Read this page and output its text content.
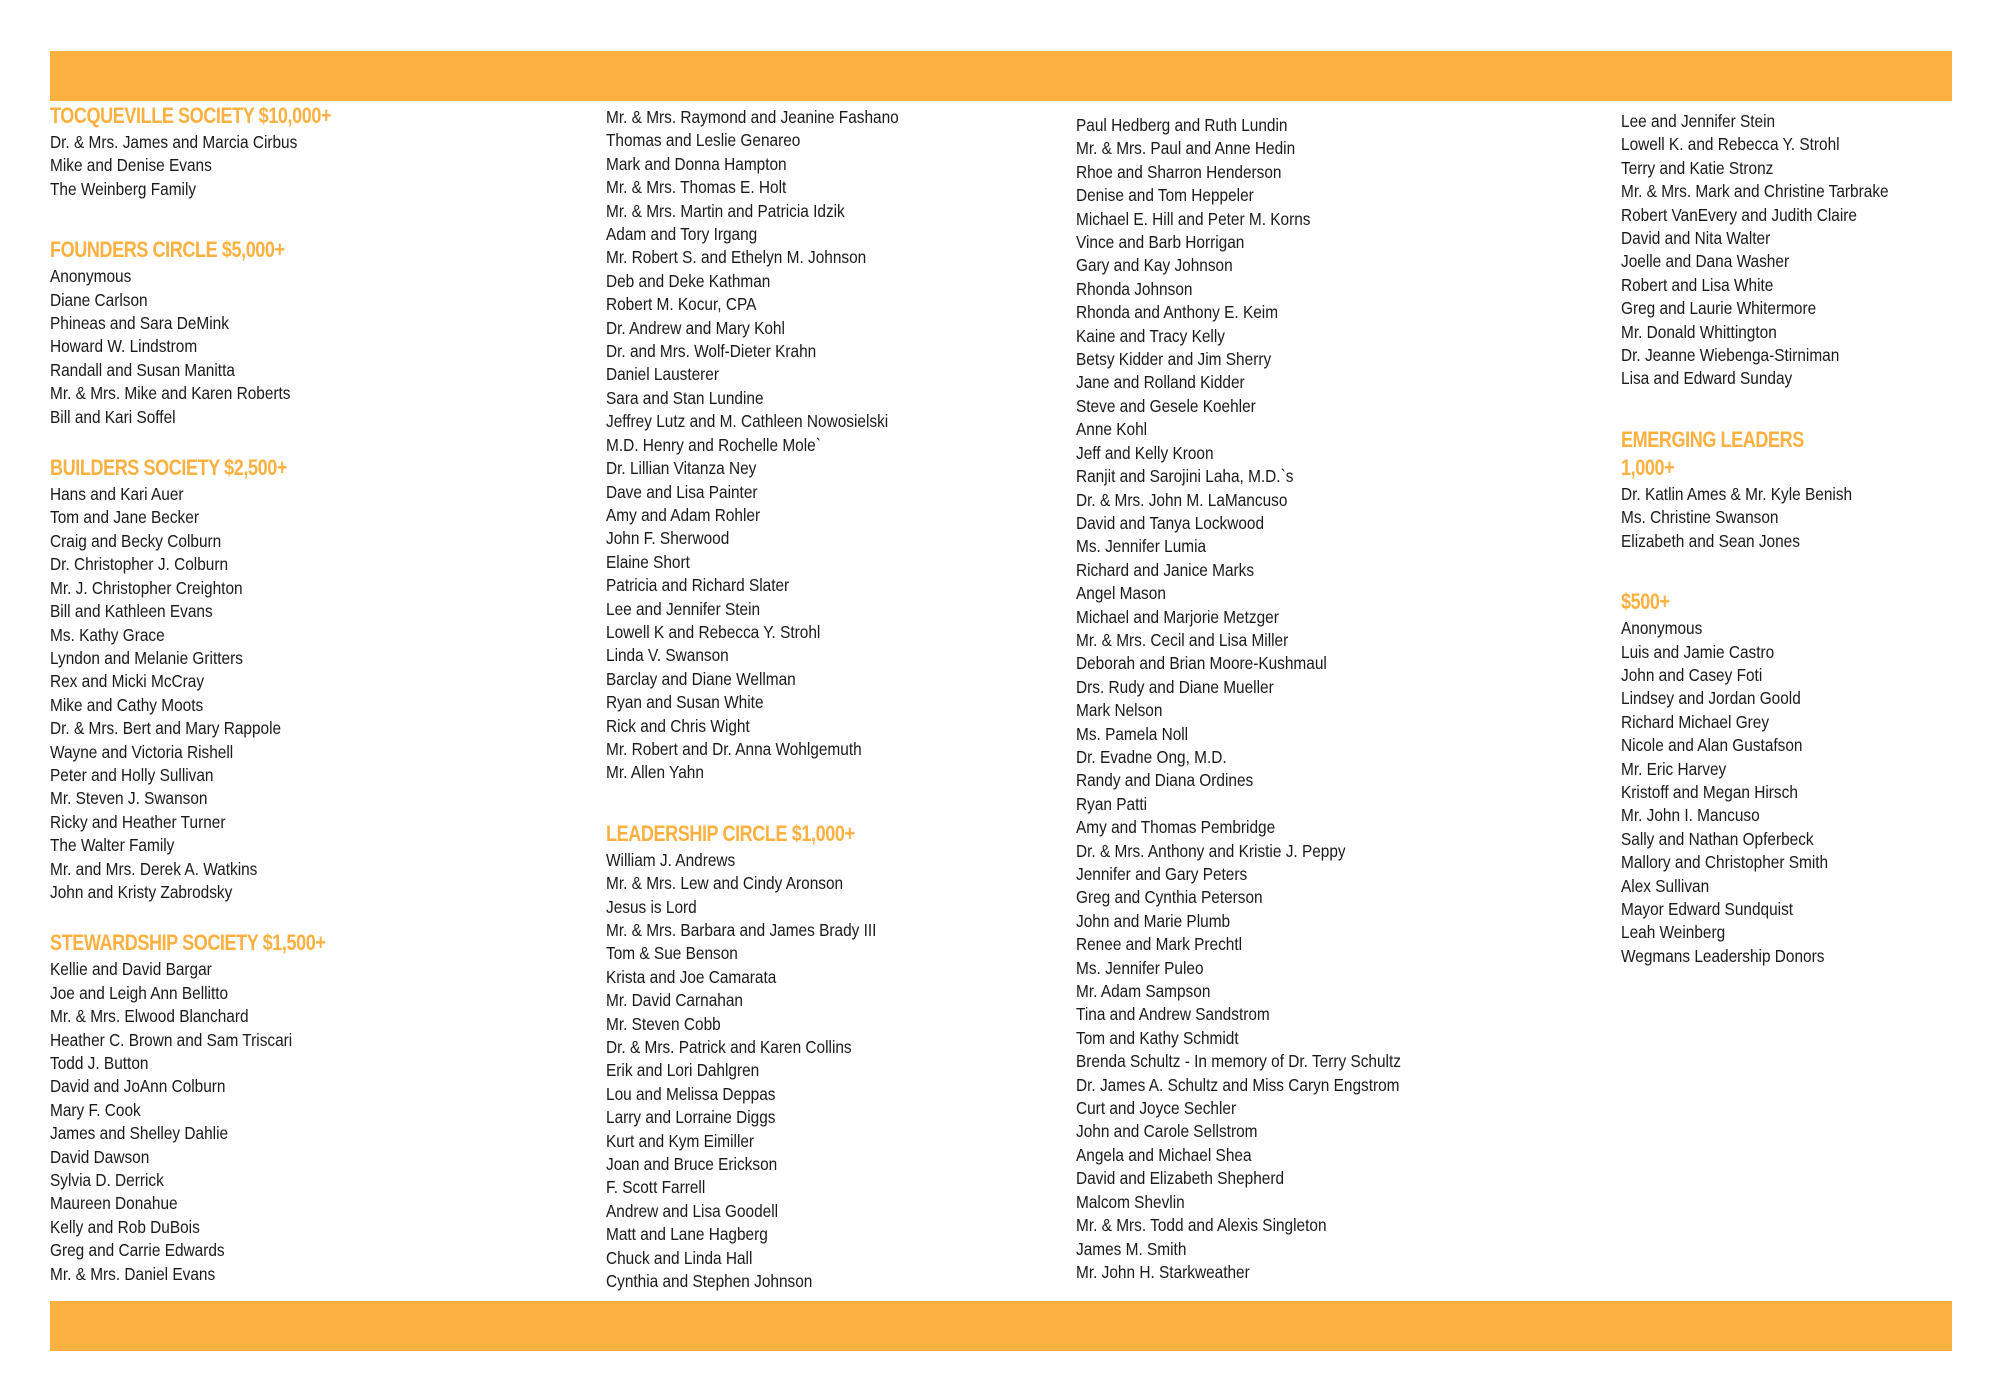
TOCQUEVILLE SOCIETY $10,000+
Dr. & Mrs. James and Marcia Cirbus
Mike and Denise Evans
The Weinberg Family
FOUNDERS CIRCLE $5,000+
Anonymous
Diane Carlson
Phineas and Sara DeMink
Howard W. Lindstrom
Randall and Susan Manitta
Mr. & Mrs. Mike and Karen Roberts
Bill and Kari Soffel
BUILDERS SOCIETY $2,500+
Hans and Kari Auer
Tom and Jane Becker
Craig and Becky Colburn
Dr. Christopher J. Colburn
Mr. J. Christopher Creighton
Bill and Kathleen Evans
Ms. Kathy Grace
Lyndon and Melanie Gritters
Rex and Micki McCray
Mike and Cathy Moots
Dr. & Mrs. Bert and Mary Rappole
Wayne and Victoria Rishell
Peter and Holly Sullivan
Mr. Steven J. Swanson
Ricky and Heather Turner
The Walter Family
Mr. and Mrs. Derek A. Watkins
John and Kristy Zabrodsky
STEWARDSHIP SOCIETY $1,500+
Kellie and David Bargar
Joe and Leigh Ann Bellitto
Mr. & Mrs. Elwood Blanchard
Heather C. Brown and Sam Triscari
Todd J. Button
David and JoAnn Colburn
Mary F. Cook
James and Shelley Dahlie
David Dawson
Sylvia D. Derrick
Maureen Donahue
Kelly and Rob DuBois
Greg and Carrie Edwards
Mr. & Mrs. Daniel Evans
Mr. & Mrs. Raymond and Jeanine Fashano
Thomas and Leslie Genareo
Mark and Donna Hampton
Mr. & Mrs. Thomas E. Holt
Mr. & Mrs. Martin and Patricia Idzik
Adam and Tory Irgang
Mr. Robert S. and Ethelyn M. Johnson
Deb and Deke Kathman
Robert M. Kocur, CPA
Dr. Andrew and Mary Kohl
Dr. and Mrs. Wolf-Dieter Krahn
Daniel Lausterer
Sara and Stan Lundine
Jeffrey Lutz and M. Cathleen Nowosielski
M.D. Henry and Rochelle Mole`
Dr. Lillian Vitanza Ney
Dave and Lisa Painter
Amy and Adam Rohler
John F. Sherwood
Elaine Short
Patricia and Richard Slater
Lee and Jennifer Stein
Lowell K and Rebecca Y. Strohl
Linda V. Swanson
Barclay and Diane Wellman
Ryan and Susan White
Rick and Chris Wight
Mr. Robert and Dr. Anna Wohlgemuth
Mr. Allen Yahn
LEADERSHIP CIRCLE $1,000+
William J. Andrews
Mr. & Mrs. Lew and Cindy Aronson
Jesus is Lord
Mr. & Mrs. Barbara and James Brady III
Tom & Sue Benson
Krista and Joe Camarata
Mr. David Carnahan
Mr. Steven Cobb
Dr. & Mrs. Patrick and Karen Collins
Erik and Lori Dahlgren
Lou and Melissa Deppas
Larry and Lorraine Diggs
Kurt and Kym Eimiller
Joan and Bruce Erickson
F. Scott Farrell
Andrew and Lisa Goodell
Matt and Lane Hagberg
Chuck and Linda Hall
Cynthia and Stephen Johnson
Paul Hedberg and Ruth Lundin
Mr. & Mrs. Paul and Anne Hedin
Rhoe and Sharron Henderson
Denise and Tom Heppeler
Michael E. Hill and Peter M. Korns
Vince and Barb Horrigan
Gary and Kay Johnson
Rhonda Johnson
Rhonda and Anthony E. Keim
Kaine and Tracy Kelly
Betsy Kidder and Jim Sherry
Jane and Rolland Kidder
Steve and Gesele Koehler
Anne Kohl
Jeff and Kelly Kroon
Ranjit and Sarojini Laha, M.D.`s
Dr. & Mrs. John M. LaMancuso
David and Tanya Lockwood
Ms. Jennifer Lumia
Richard and Janice Marks
Angel Mason
Michael and Marjorie Metzger
Mr. & Mrs. Cecil and Lisa Miller
Deborah and Brian Moore-Kushmaul
Drs. Rudy and Diane Mueller
Mark Nelson
Ms. Pamela Noll
Dr. Evadne Ong, M.D.
Randy and Diana Ordines
Ryan Patti
Amy and Thomas Pembridge
Dr. & Mrs. Anthony and Kristie J. Peppy
Jennifer and Gary Peters
Greg and Cynthia Peterson
John and Marie Plumb
Renee and Mark Prechtl
Ms. Jennifer Puleo
Mr. Adam Sampson
Tina and Andrew Sandstrom
Tom and Kathy Schmidt
Brenda Schultz - In memory of Dr. Terry Schultz
Dr. James A. Schultz and Miss Caryn Engstrom
Curt and Joyce Sechler
John and Carole Sellstrom
Angela and Michael Shea
David and Elizabeth Shepherd
Malcom Shevlin
Mr. & Mrs. Todd and Alexis Singleton
James M. Smith
Mr. John H. Starkweather
Lee and Jennifer Stein
Lowell K. and Rebecca Y. Strohl
Terry and Katie Stronz
Mr. & Mrs. Mark and Christine Tarbrake
Robert VanEvery and Judith Claire
David and Nita Walter
Joelle and Dana Washer
Robert and Lisa White
Greg and Laurie Whitermore
Mr. Donald Whittington
Dr. Jeanne Wiebenga-Stirniman
Lisa and Edward Sunday
EMERGING LEADERS
1,000+
Dr. Katlin Ames & Mr. Kyle Benish
Ms. Christine Swanson
Elizabeth and Sean Jones
$500+
Anonymous
Luis and Jamie Castro
John and Casey Foti
Lindsey and Jordan Goold
Richard Michael Grey
Nicole and Alan Gustafson
Mr. Eric Harvey
Kristoff and Megan Hirsch
Mr. John I. Mancuso
Sally and Nathan Opferbeck
Mallory and Christopher Smith
Alex Sullivan
Mayor Edward Sundquist
Leah Weinberg
Wegmans Leadership Donors
